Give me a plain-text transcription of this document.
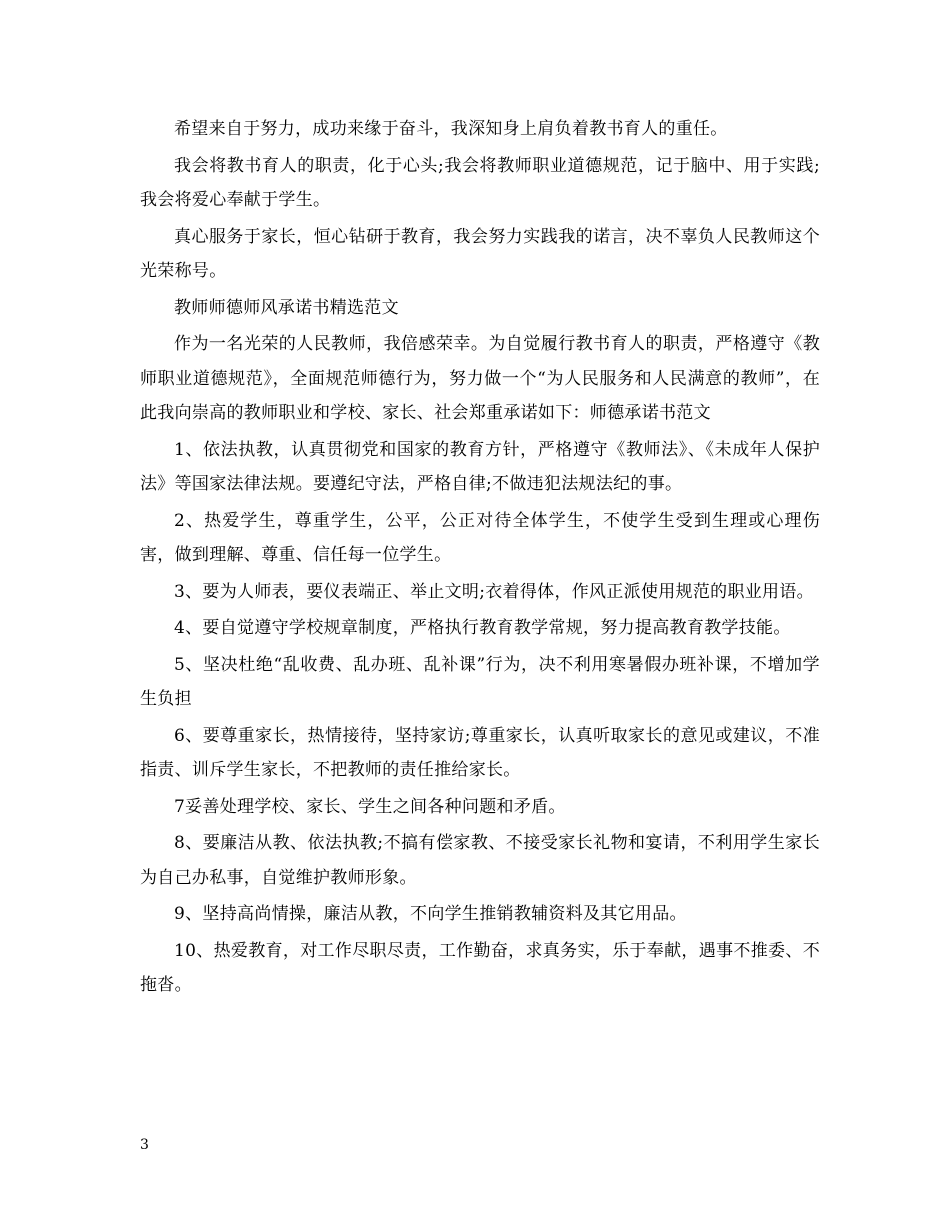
希望来自于努力，成功来缘于奋斗，我深知身上肩负着教书育人的重任。

我会将教书育人的职责，化于心头;我会将教师职业道德规范，记于脑中、用于实践;我会将爱心奉献于学生。

真心服务于家长，恒心钻研于教育，我会努力实践我的诺言，决不辜负人民教师这个光荣称号。

教师师德师风承诺书精选范文

作为一名光荣的人民教师，我倍感荣幸。为自觉履行教书育人的职责，严格遵守《教师职业道德规范》，全面规范师德行为，努力做一个“为人民服务和人民满意的教师”，在此我向崇高的教师职业和学校、家长、社会郑重承诺如下：师德承诺书范文

1、依法执教，认真贯彻党和国家的教育方针，严格遵守《教师法》、《未成年人保护法》等国家法律法规。要遵纪守法，严格自律;不做违犯法规法纪的事。

2、热爱学生，尊重学生，公平，公正对待全体学生，不使学生受到生理或心理伤害，做到理解、尊重、信任每一位学生。

3、要为人师表，要仪表端正、举止文明;衣着得体，作风正派使用规范的职业用语。

4、要自觉遵守学校规章制度，严格执行教育教学常规，努力提高教育教学技能。

5、坚决杜绝“乱收费、乱办班、乱补课”行为，决不利用寒暑假办班补课，不增加学生负担

6、要尊重家长，热情接待，坚持家访;尊重家长，认真听取家长的意见或建议，不准指责、训斥学生家长，不把教师的责任推给家长。

7妥善处理学校、家长、学生之间各种问题和矛盾。

8、要廉洁从教、依法执教;不搞有偿家教、不接受家长礼物和宴请，不利用学生家长为自己办私事，自觉维护教师形象。

9、坚持高尚情操，廉洁从教，不向学生推销教辅资料及其它用品。

10、热爱教育，对工作尽职尽责，工作勤奋，求真务实，乐于奉献，遇事不推委、不拖沓。

3
